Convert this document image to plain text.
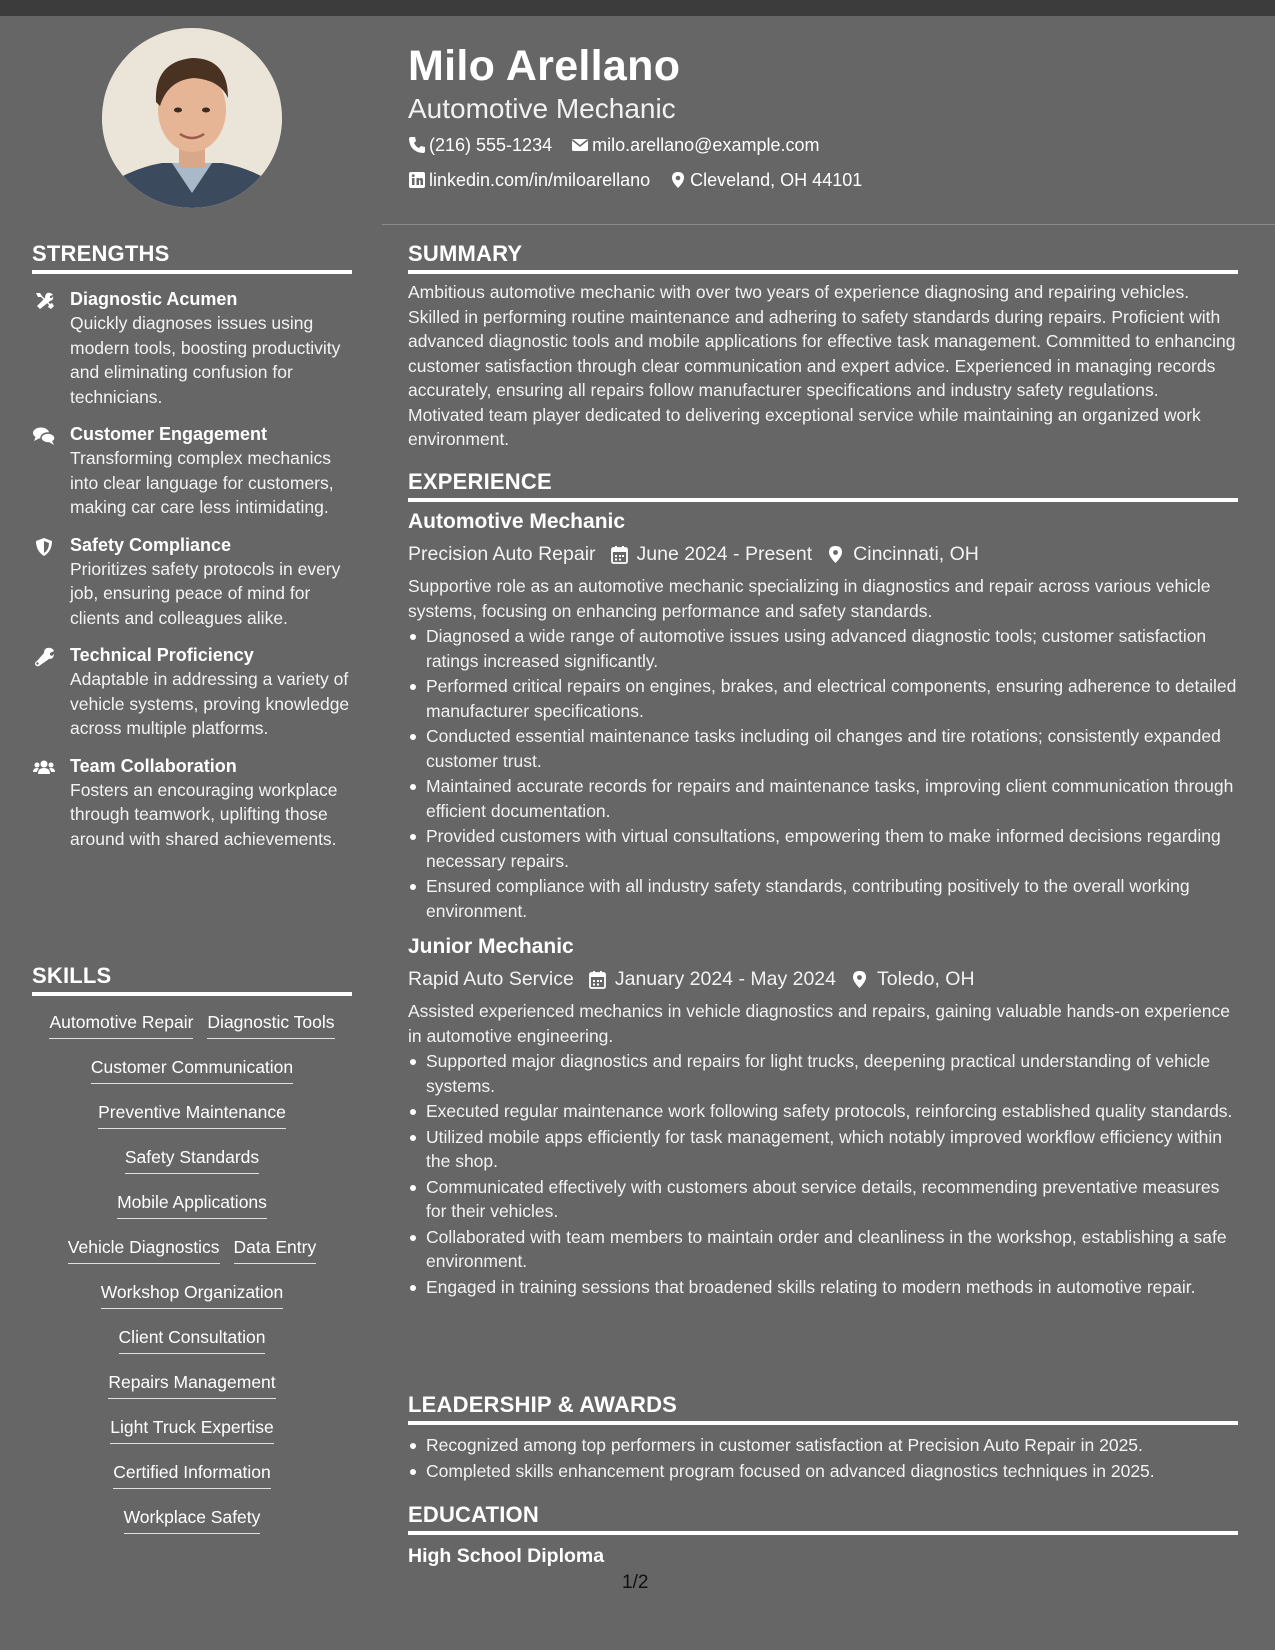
STRENGTHS
Diagnostic Acumen
Quickly diagnoses issues using modern tools, boosting productivity and eliminating confusion for technicians.
Customer Engagement
Transforming complex mechanics into clear language for customers, making car care less intimidating.
Safety Compliance
Prioritizes safety protocols in every job, ensuring peace of mind for clients and colleagues alike.
Technical Proficiency
Adaptable in addressing a variety of vehicle systems, proving knowledge across multiple platforms.
Team Collaboration
Fosters an encouraging workplace through teamwork, uplifting those around with shared achievements.
SKILLS
Automotive Repair Diagnostic Tools
Customer Communication
Preventive Maintenance
Safety Standards
Mobile Applications
Vehicle Diagnostics Data Entry
Workshop Organization
Client Consultation
Repairs Management
Light Truck Expertise
Certified Information
Workplace Safety
Milo Arellano
Automotive Mechanic
(216) 555-1234
milo.arellano@example.com
linkedin.com/in/miloarellano
Cleveland, OH 44101
SUMMARY
Ambitious automotive mechanic with over two years of experience diagnosing and repairing vehicles. Skilled in performing routine maintenance and adhering to safety standards during repairs. Proficient with advanced diagnostic tools and mobile applications for effective task management. Committed to enhancing customer satisfaction through clear communication and expert advice. Experienced in managing records accurately, ensuring all repairs follow manufacturer specifications and industry safety regulations. Motivated team player dedicated to delivering exceptional service while maintaining an organized work environment.
EXPERIENCE
Automotive Mechanic
Precision Auto Repair June 2024 - Present Cincinnati, OH
Supportive role as an automotive mechanic specializing in diagnostics and repair across various vehicle systems, focusing on enhancing performance and safety standards.
Diagnosed a wide range of automotive issues using advanced diagnostic tools; customer satisfaction ratings increased significantly.
Performed critical repairs on engines, brakes, and electrical components, ensuring adherence to detailed manufacturer specifications.
Conducted essential maintenance tasks including oil changes and tire rotations; consistently expanded customer trust.
Maintained accurate records for repairs and maintenance tasks, improving client communication through efficient documentation.
Provided customers with virtual consultations, empowering them to make informed decisions regarding necessary repairs.
Ensured compliance with all industry safety standards, contributing positively to the overall working environment.
Junior Mechanic
Rapid Auto Service January 2024 - May 2024 Toledo, OH
Assisted experienced mechanics in vehicle diagnostics and repairs, gaining valuable hands-on experience in automotive engineering.
Supported major diagnostics and repairs for light trucks, deepening practical understanding of vehicle systems.
Executed regular maintenance work following safety protocols, reinforcing established quality standards.
Utilized mobile apps efficiently for task management, which notably improved workflow efficiency within the shop.
Communicated effectively with customers about service details, recommending preventative measures for their vehicles.
Collaborated with team members to maintain order and cleanliness in the workshop, establishing a safe environment.
Engaged in training sessions that broadened skills relating to modern methods in automotive repair.
LEADERSHIP & AWARDS
Recognized among top performers in customer satisfaction at Precision Auto Repair in 2025.
Completed skills enhancement program focused on advanced diagnostics techniques in 2025.
EDUCATION
High School Diploma
1/2
